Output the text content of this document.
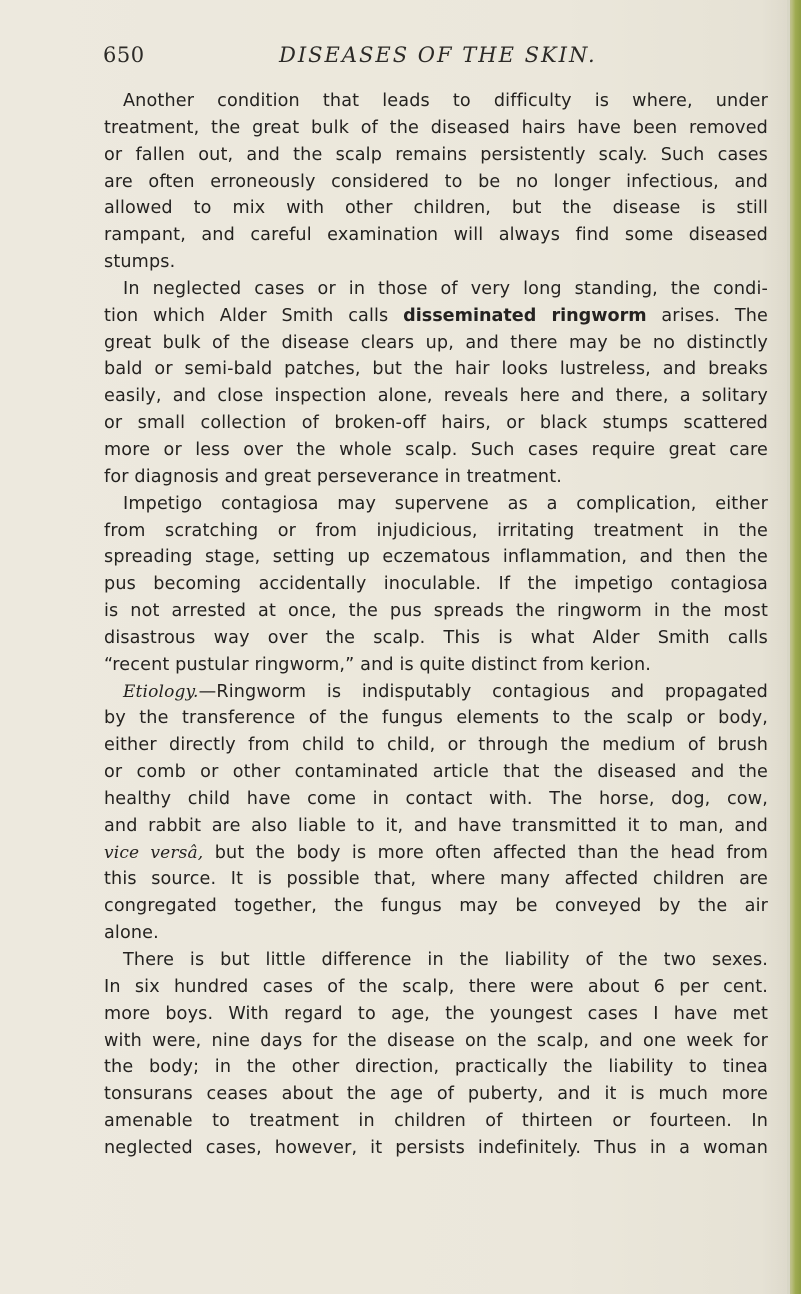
650	DISEASES OF THE SKIN.
Another condition that leads to difficulty is where, under
treatment, the great bulk of the diseased hairs have been removed
or fallen out, and the scalp remains persistently scaly. Such cases
are often erroneously considered to be no longer infectious, and
allowed to mix with other children, but the disease is still
rampant, and careful examination will always find some diseased
stumps.
In neglected cases or in those of very long standing, the condi-
tion which Alder Smith calls disseminated ringworm arises. The
great bulk of the disease clears up, and there may be no distinctly
bald or semi-bald patches, but the hair looks lustreless, and breaks
easily, and close inspection alone, reveals here and there, a solitary
or small collection of broken-off hairs, or black stumps scattered
more or less over the whole scalp. Such cases require great care
for diagnosis and great perseverance in treatment.
Impetigo contagiosa may supervene as a complication, either
from scratching or from injudicious, irritating treatment in the
spreading stage, setting up eczematous inflammation, and then the
pus becoming accidentally inoculable. If the impetigo contagiosa
is not arrested at once, the pus spreads the ringworm in the most
disastrous way over the scalp. This is what Alder Smith calls
“recent pustular ringworm,” and is quite distinct from kerion.
Etiology.—Ringworm is indisputably contagious and propagated
by the transference of the fungus elements to the scalp or body,
either directly from child to child, or through the medium of brush
or comb or other contaminated article that the diseased and the
healthy child have come in contact with. The horse, dog, cow,
and rabbit are also liable to it, and have transmitted it to man, and
vice versâ, but the body is more often affected than the head from
this source. It is possible that, where many affected children are
congregated together, the fungus may be conveyed by the air
alone.
There is but little difference in the liability of the two sexes.
In six hundred cases of the scalp, there were about 6 per cent.
more boys. With regard to age, the youngest cases I have met
with were, nine days for the disease on the scalp, and one week for
the body; in the other direction, practically the liability to tinea
tonsurans ceases about the age of puberty, and it is much more
amenable to treatment in children of thirteen or fourteen. In
neglected cases, however, it persists indefinitely. Thus in a woman
